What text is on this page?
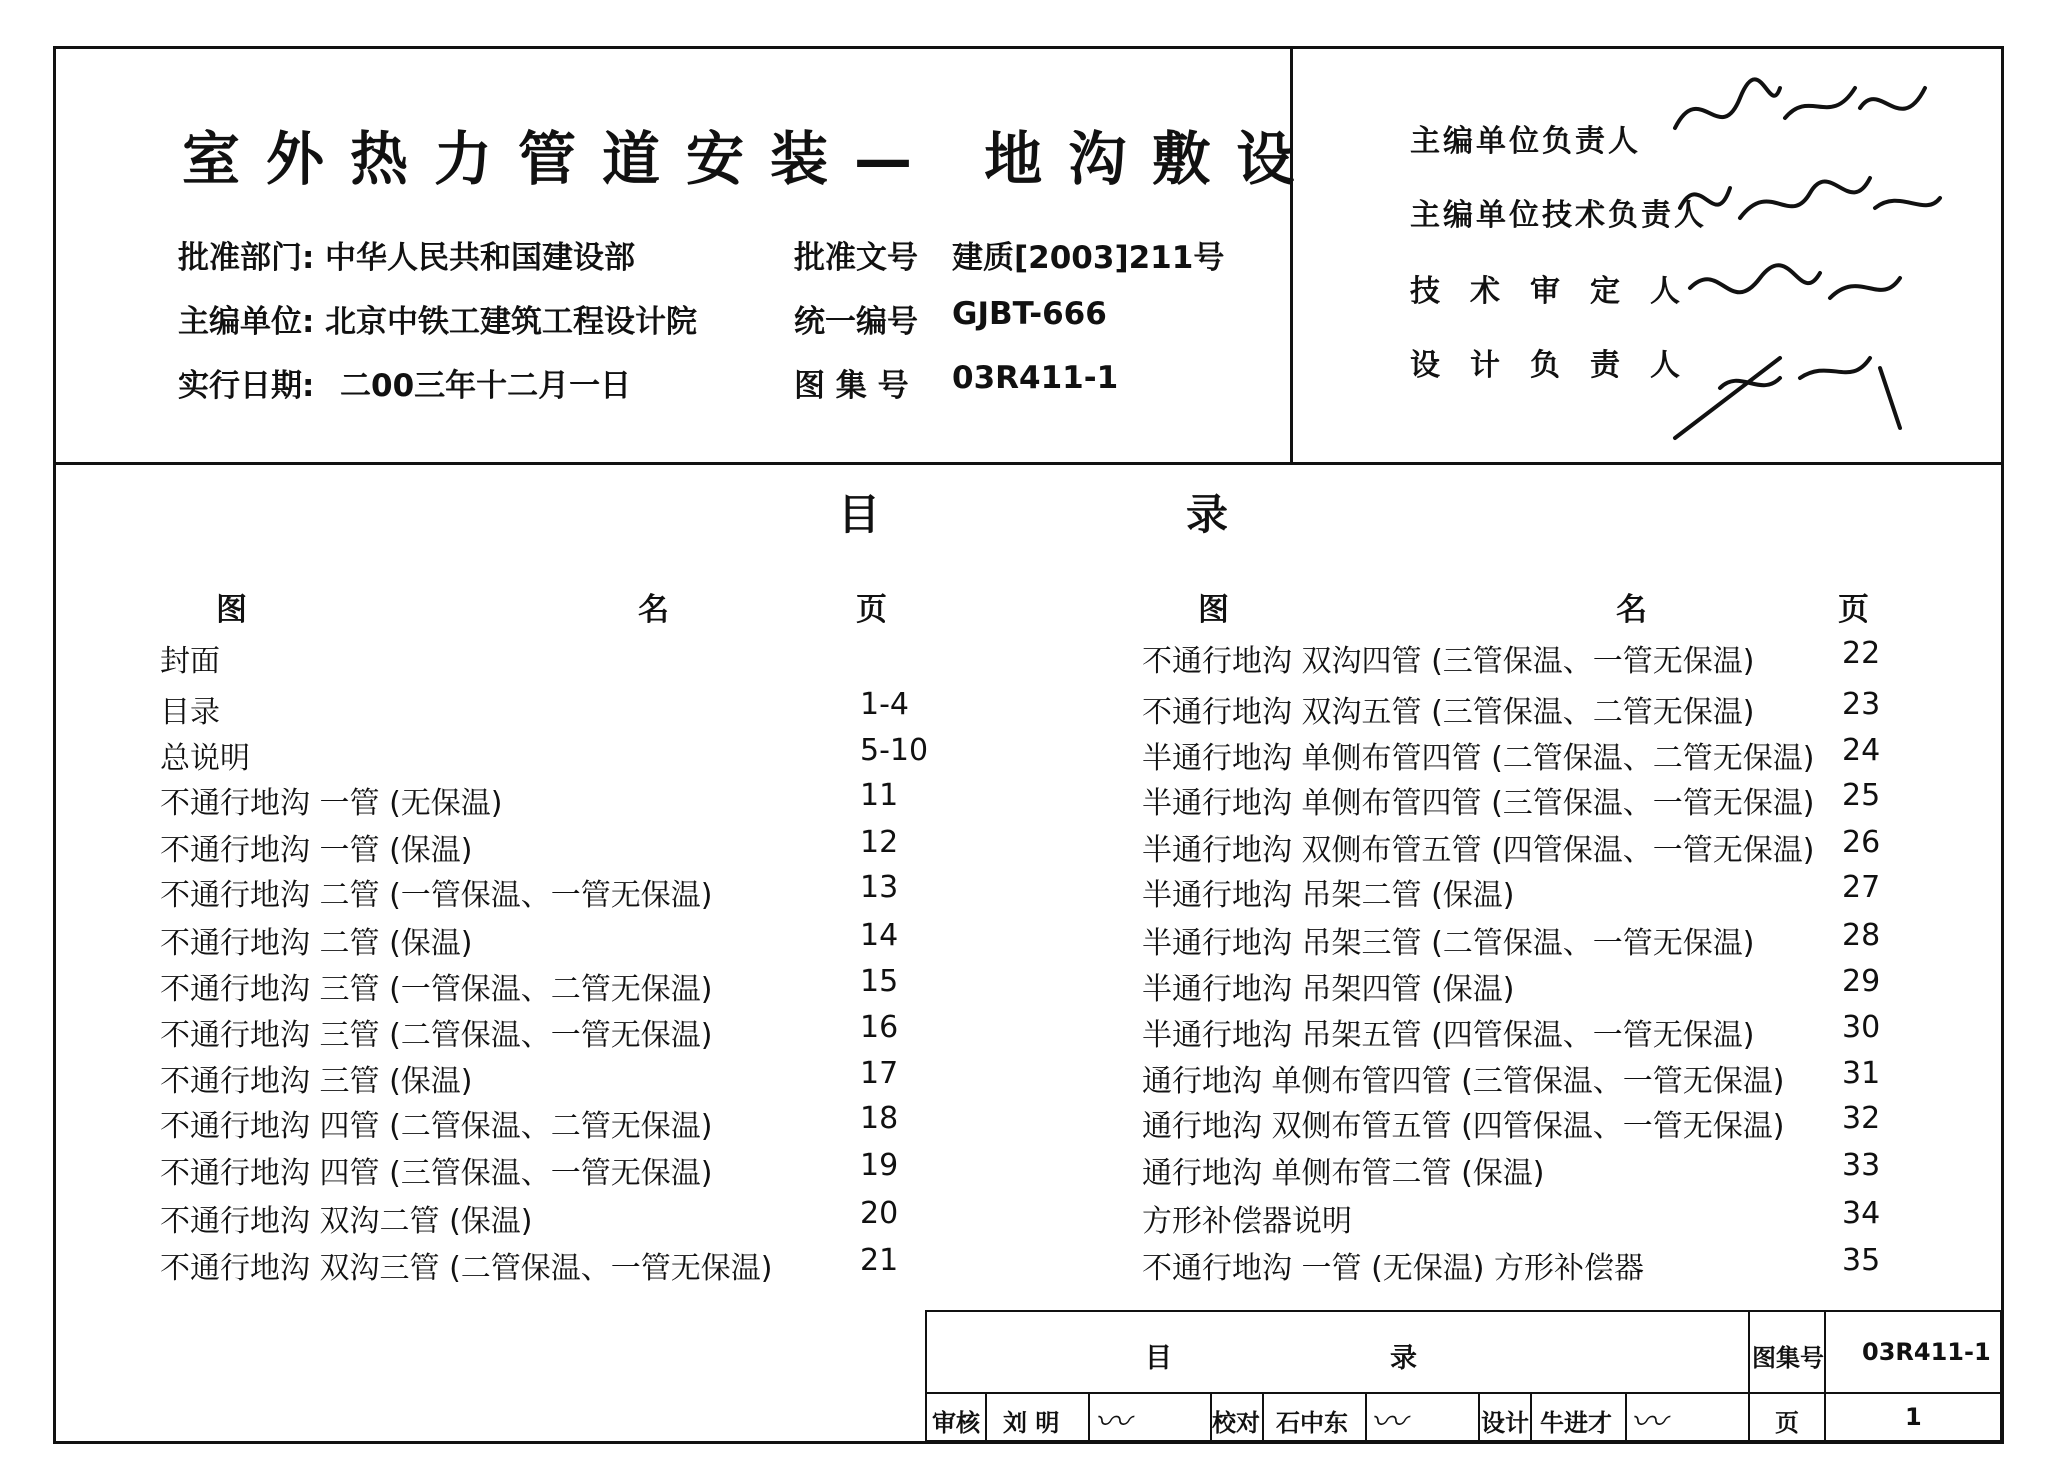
室外热力管道安装— 地沟敷设
批准部门: 中华人民共和国建设部
主编单位: 北京中铁工建筑工程设计院
实行日期: 二00三年十二月一日
批准文号 建质[2003]211号
统一编号 GJBT-666
图 集 号 03R411-1
主编单位负责人
主编单位技术负责人
技术审定人
设计负责人
目	录
图	名	页	图	名	页
封面
目录	1-4
总说明	5-10
不通行地沟 一管 (无保温)	11
不通行地沟 一管 (保温)	12
不通行地沟 二管 (一管保温、一管无保温)	13
不通行地沟 二管 (保温)	14
不通行地沟 三管 (一管保温、二管无保温)	15
不通行地沟 三管 (二管保温、一管无保温)	16
不通行地沟 三管 (保温)	17
不通行地沟 四管 (二管保温、二管无保温)	18
不通行地沟 四管 (三管保温、一管无保温)	19
不通行地沟 双沟二管 (保温)	20
不通行地沟 双沟三管 (二管保温、一管无保温)	21
不通行地沟 双沟四管 (三管保温、一管无保温)	22
不通行地沟 双沟五管 (三管保温、二管无保温)	23
半通行地沟 单侧布管四管 (二管保温、二管无保温) 24
半通行地沟 单侧布管四管 (三管保温、一管无保温) 25
半通行地沟 双侧布管五管 (四管保温、一管无保温) 26
半通行地沟 吊架二管 (保温)	27
半通行地沟 吊架三管 (二管保温、一管无保温)	28
半通行地沟 吊架四管 (保温)	29
半通行地沟 吊架五管 (四管保温、一管无保温)	30
通行地沟 单侧布管四管 (三管保温、一管无保温) 31
通行地沟 双侧布管五管 (四管保温、一管无保温) 32
通行地沟 单侧布管二管 (保温)	33
方形补偿器说明	34
不通行地沟 一管 (无保温) 方形补偿器	35
目	录	图集号 03R411-1
审核 刘 明 〰	校对 石中东 〰	设计 牛进才 〰	页	1
